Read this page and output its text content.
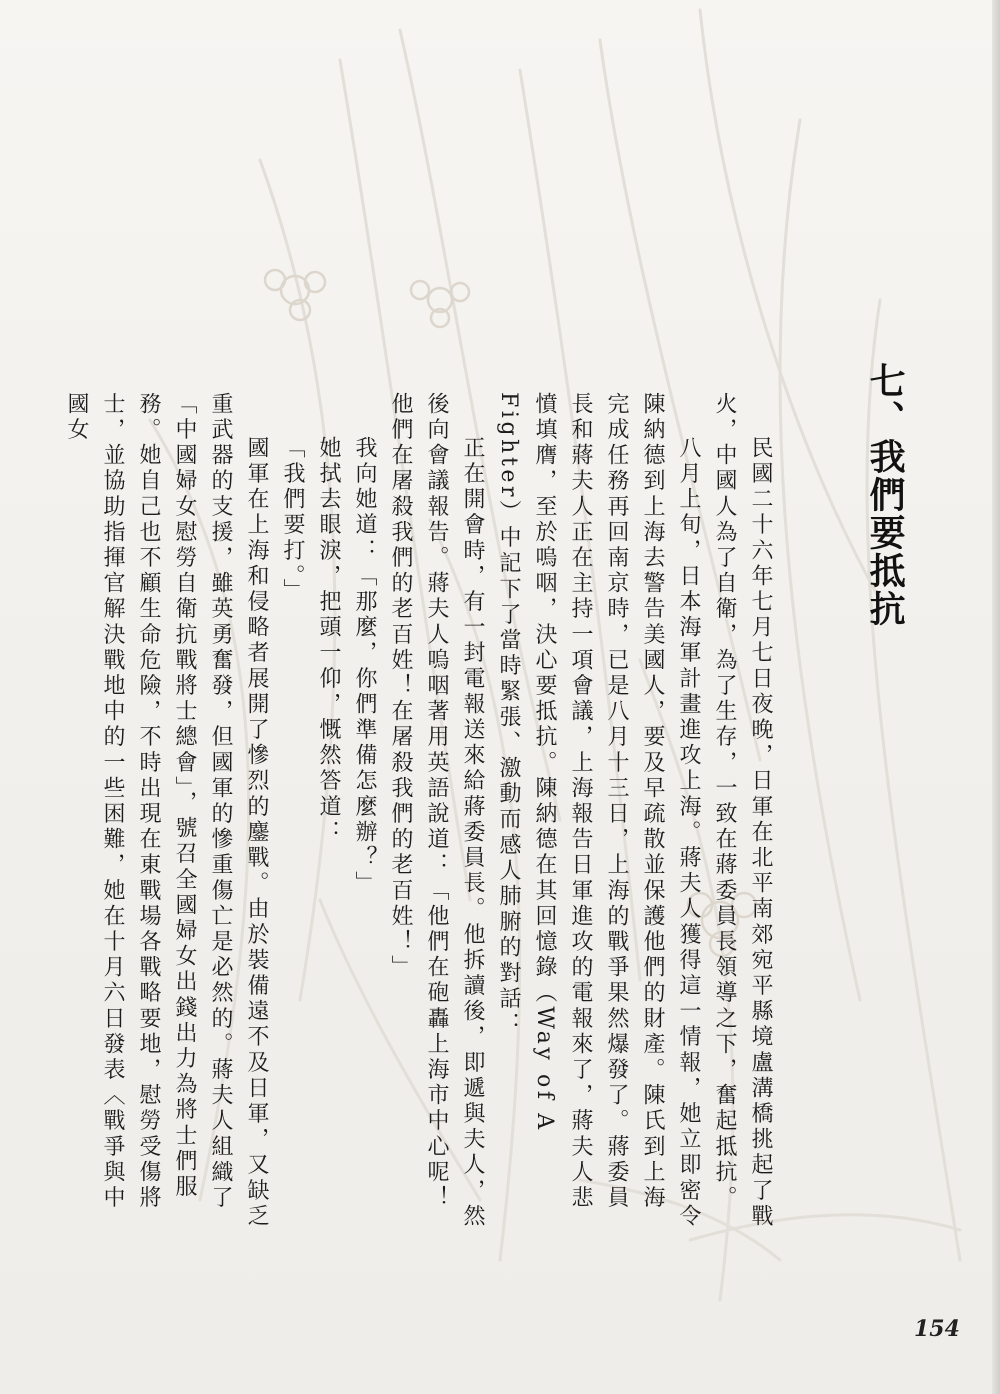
七、我們要抵抗

民國二十六年七月七日夜晚，日軍在北平南郊宛平縣境盧溝橋挑起了戰火，中國人為了自衛，為了生存，一致在蔣委員長領導之下，奮起抵抗。

八月上旬，日本海軍計畫進攻上海。蔣夫人獲得這一情報，她立即密令陳納德到上海去警告美國人，要及早疏散並保護他們的財產。陳氏到上海完成任務再回南京時，已是八月十三日，上海的戰爭果然爆發了。蔣委員長和蔣夫人正在主持一項會議，上海報告日軍進攻的電報來了，蔣夫人悲憤填膺，至於嗚咽，決心要抵抗。陳納德在其回憶錄（Way of A Fighter）中記下了當時緊張、激動而感人肺腑的對話：

正在開會時，有一封電報送來給蔣委員長。他拆讀後，即遞與夫人，然後向會議報告。蔣夫人嗚咽著用英語說道：「他們在砲轟上海市中心呢！他們在屠殺我們的老百姓！在屠殺我們的老百姓！」

我向她道：「那麼，你們準備怎麼辦？」

她拭去眼淚，把頭一仰，慨然答道：

「我們要打。」

國軍在上海和侵略者展開了慘烈的鏖戰。由於裝備遠不及日軍，又缺乏重武器的支援，雖英勇奮發，但國軍的慘重傷亡是必然的。蔣夫人組織了「中國婦女慰勞自衛抗戰將士總會」，號召全國婦女出錢出力為將士們服務。她自己也不顧生命危險，不時出現在東戰場各戰略要地，慰勞受傷將士，並協助指揮官解決戰地中的一些困難，她在十月六日發表〈戰爭與中國女

154
